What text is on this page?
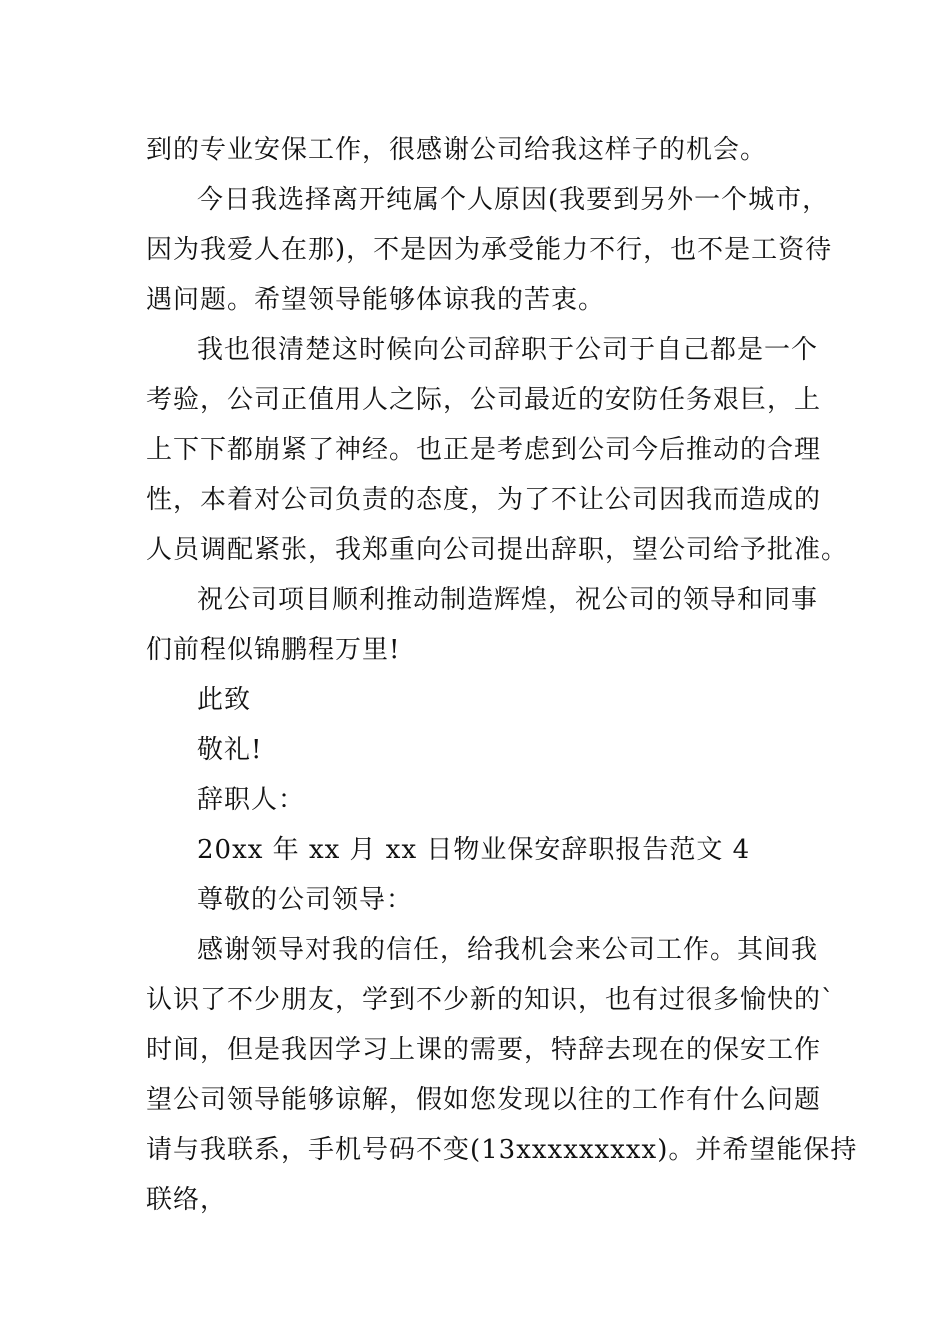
到的专业安保工作，很感谢公司给我这样子的机会。
今日我选择离开纯属个人原因(我要到另外一个城市，
因为我爱人在那)，不是因为承受能力不行，也不是工资待
遇问题。希望领导能够体谅我的苦衷。
我也很清楚这时候向公司辞职于公司于自己都是一个
考验，公司正值用人之际，公司最近的安防任务艰巨，上
上下下都崩紧了神经。也正是考虑到公司今后推动的合理
性，本着对公司负责的态度，为了不让公司因我而造成的
人员调配紧张，我郑重向公司提出辞职，望公司给予批准。
祝公司项目顺利推动制造辉煌，祝公司的领导和同事
们前程似锦鹏程万里!
此致
敬礼!
辞职人：
20xx 年 xx 月 xx 日物业保安辞职报告范文 4
尊敬的公司领导：
感谢领导对我的信任，给我机会来公司工作。其间我
认识了不少朋友，学到不少新的知识，也有过很多愉快的`
时间，但是我因学习上课的需要，特辞去现在的保安工作
望公司领导能够谅解，假如您发现以往的工作有什么问题
请与我联系，手机号码不变(13xxxxxxxxx)。并希望能保持
联络，
